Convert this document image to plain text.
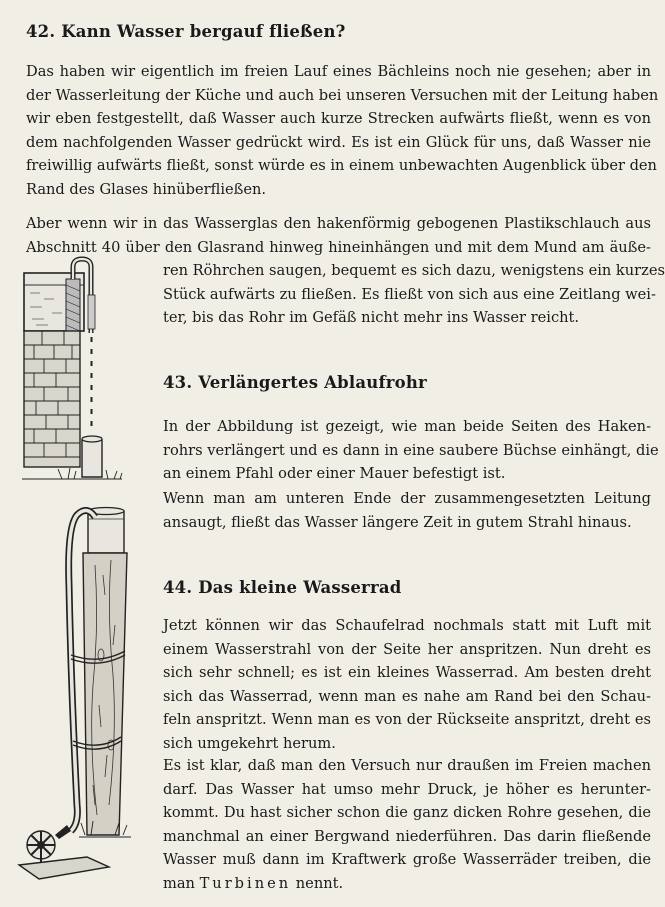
42. Kann Wasser bergauf fließen?
Das haben wir eigentlich im freien Lauf eines Bächleins noch nie gesehen; aber in
der Wasserleitung der Küche und auch bei unseren Versuchen mit der Leitung haben
wir eben festgestellt, daß Wasser auch kurze Strecken aufwärts fließt, wenn es von
dem nachfolgenden Wasser gedrückt wird. Es ist ein Glück für uns, daß Wasser nie
freiwillig aufwärts fließt, sonst würde es in einem unbewachten Augenblick über den
Rand des Glases hinüberfließen.
Aber wenn wir in das Wasserglas den hakenförmig gebogenen Plastikschlauch aus
Abschnitt 40 über den Glasrand hinweg hineinhängen und mit dem Mund am äuße-
ren Röhrchen saugen, bequemt es sich dazu, wenigstens ein kurzes
Stück aufwärts zu fließen. Es fließt von sich aus eine Zeitlang wei-
ter, bis das Rohr im Gefäß nicht mehr ins Wasser reicht.
43. Verlängertes Ablaufrohr
In der Abbildung ist gezeigt, wie man beide Seiten des Haken-
rohrs verlängert und es dann in eine saubere Büchse einhängt, die
an einem Pfahl oder einer Mauer befestigt ist.
Wenn man am unteren Ende der zusammengesetzten Leitung
ansaugt, fließt das Wasser längere Zeit in gutem Strahl hinaus.
44. Das kleine Wasserrad
Jetzt können wir das Schaufelrad nochmals statt mit Luft mit
einem Wasserstrahl von der Seite her anspritzen. Nun dreht es
sich sehr schnell; es ist ein kleines Wasserrad. Am besten dreht
sich das Wasserrad, wenn man es nahe am Rand bei den Schau-
feln anspritzt. Wenn man es von der Rückseite anspritzt, dreht es
sich umgekehrt herum.
Es ist klar, daß man den Versuch nur draußen im Freien machen
darf. Das Wasser hat umso mehr Druck, je höher es herunter-
kommt. Du hast sicher schon die ganz dicken Rohre gesehen, die
manchmal an einer Bergwand niederführen. Das darin fließende
Wasser muß dann im Kraftwerk große Wasserräder treiben, die
man Turbinen nennt.
